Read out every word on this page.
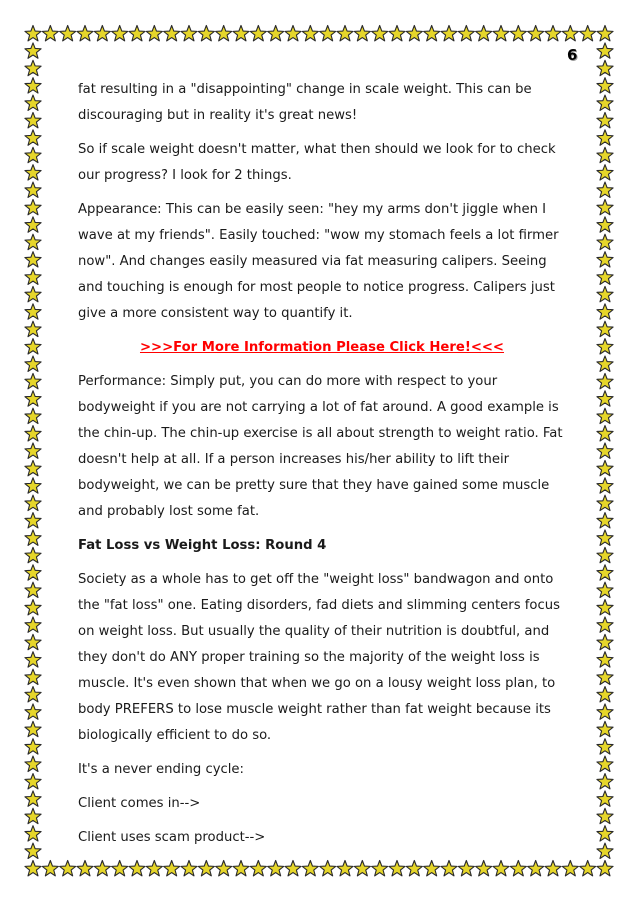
6

fat resulting in a "disappointing" change in scale weight. This can be discouraging but in reality it's great news!

So if scale weight doesn't matter, what then should we look for to check our progress? I look for 2 things.

Appearance: This can be easily seen: "hey my arms don't jiggle when I wave at my friends". Easily touched: "wow my stomach feels a lot firmer now". And changes easily measured via fat measuring calipers. Seeing and touching is enough for most people to notice progress. Calipers just give a more consistent way to quantify it.

>>>For More Information Please Click Here!<<<

Performance: Simply put, you can do more with respect to your bodyweight if you are not carrying a lot of fat around. A good example is the chin-up. The chin-up exercise is all about strength to weight ratio. Fat doesn't help at all. If a person increases his/her ability to lift their bodyweight, we can be pretty sure that they have gained some muscle and probably lost some fat.

Fat Loss vs Weight Loss: Round 4

Society as a whole has to get off the "weight loss" bandwagon and onto the "fat loss" one. Eating disorders, fad diets and slimming centers focus on weight loss. But usually the quality of their nutrition is doubtful, and they don't do ANY proper training so the majority of the weight loss is muscle. It's even shown that when we go on a lousy weight loss plan, to body PREFERS to lose muscle weight rather than fat weight because its biologically efficient to do so.

It's a never ending cycle:

Client comes in-->

Client uses scam product-->
